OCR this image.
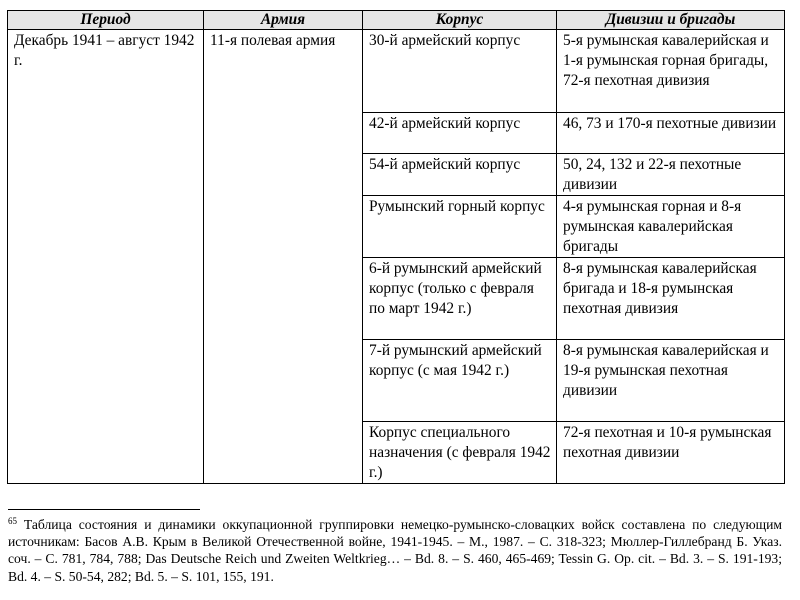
Период	Армия	Корпус	Дивизии и бригады
Декабрь 1941 – август 1942 г.	11-я полевая армия	30-й армейский корпус	5-я румынская кавалерийская и 1-я румынская горная бригады, 72-я пехотная дивизия
		42-й армейский корпус	46, 73 и 170-я пехотные дивизии
		54-й армейский корпус	50, 24, 132 и 22-я пехотные дивизии
		Румынский горный корпус	4-я румынская горная и 8-я румынская кавалерийская бригады
		6-й румынский армейский корпус (только с февраля по март 1942 г.)	8-я румынская кавалерийская бригада и 18-я румынская пехотная дивизия
		7-й румынский армейский корпус (с мая 1942 г.)	8-я румынская кавалерийская и 19-я румынская пехотная дивизии
		Корпус специального назначения (с февраля 1942 г.)	72-я пехотная и 10-я румынская пехотная дивизии
$^{65}$ Таблица состояния и динамики оккупационной группировки немецко-румынско-словацких войск составлена по следующим источникам: Басов А.В. Крым в Великой Отечественной войне, 1941-1945. – М., 1987. – С. 318-323; Мюллер-Гиллебранд Б. Указ. соч. – С. 781, 784, 788; Das Deutsche Reich und Zweiten Weltkrieg… – Bd. 8. – S. 460, 465-469; Tessin G. Op. cit. – Bd. 3. – S. 191-193; Bd. 4. – S. 50-54, 282; Bd. 5. – S. 101, 155, 191.
